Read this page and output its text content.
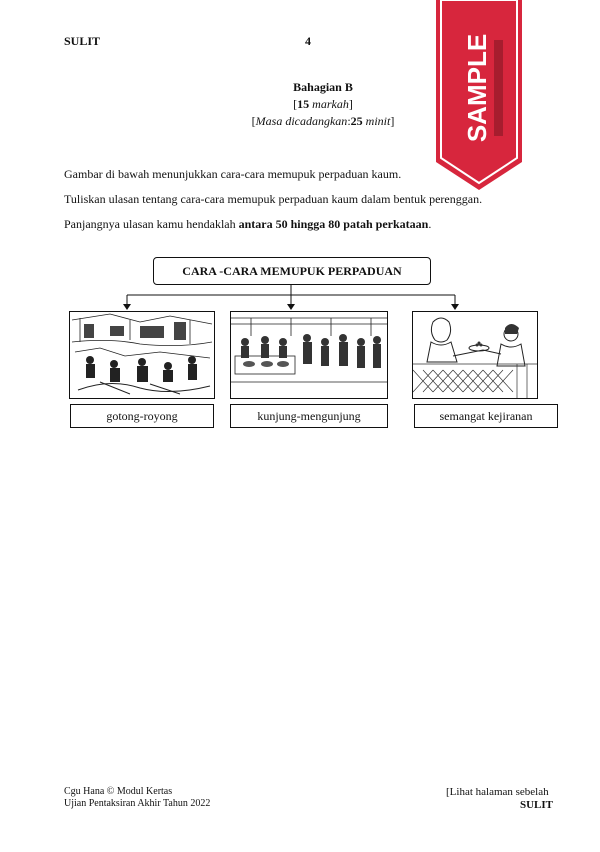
SULIT	4
Bahagian B
[15 markah]
[Masa dicadangkan:25 minit]
Gambar di bawah menunjukkan cara-cara memupuk perpaduan kaum.
Tuliskan ulasan tentang cara-cara memupuk perpaduan kaum dalam bentuk perenggan.
Panjangnya ulasan kamu hendaklah antara 50 hingga 80 patah perkataan.
CARA -CARA MEMUPUK PERPADUAN
gotong-royong	kunjung-mengunjung	semangat kejiranan
SAMPLE
Cgu Hana © Modul Kertas
Ujian Pentaksiran Akhir Tahun 2022
[Lihat halaman sebelah
SULIT
